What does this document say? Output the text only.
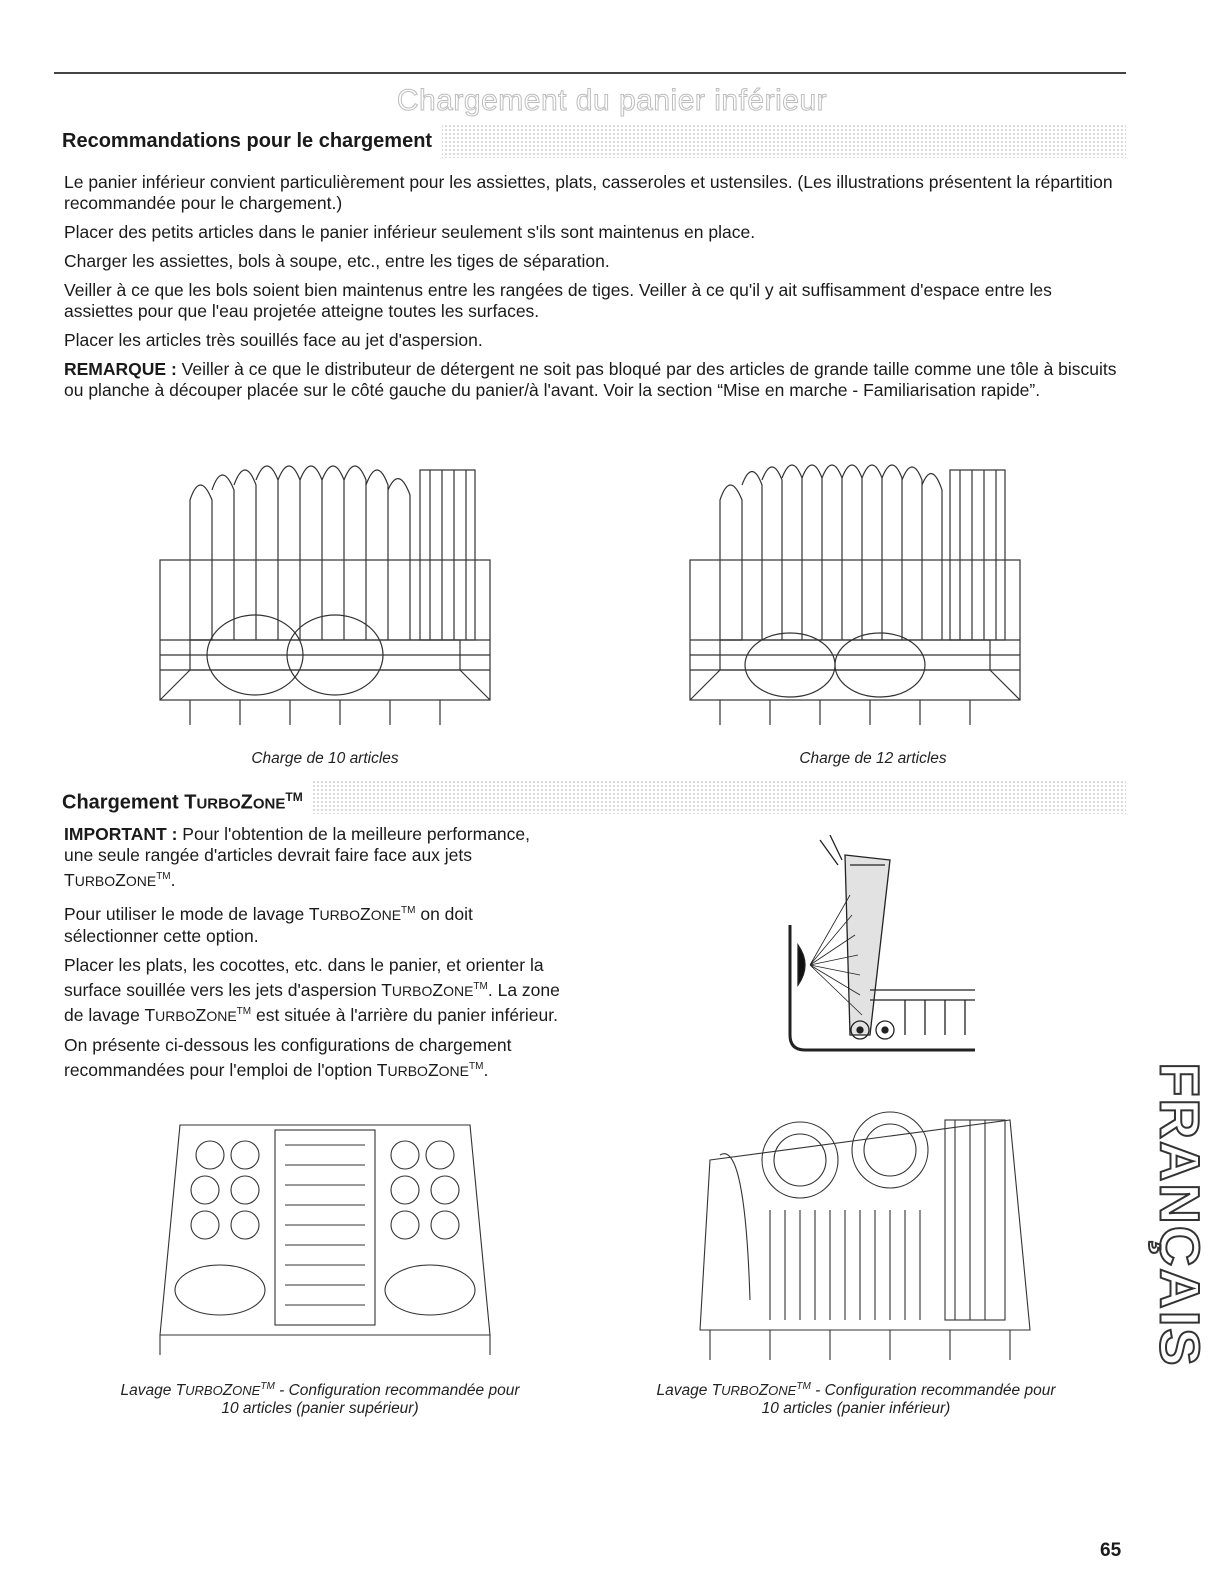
Chargement du panier inférieur
Recommandations pour le chargement

Le panier inférieur convient particulièrement pour les assiettes, plats, casseroles et ustensiles. (Les illustrations présentent la répartition recommandée pour le chargement.)

Placer des petits articles dans le panier inférieur seulement s'ils sont maintenus en place.

Charger les assiettes, bols à soupe, etc., entre les tiges de séparation.

Veiller à ce que les bols soient bien maintenus entre les rangées de tiges. Veiller à ce qu'il y ait suffisamment d'espace entre les assiettes pour que l'eau projetée atteigne toutes les surfaces.

Placer les articles très souillés face au jet d'aspersion.

REMARQUE : Veiller à ce que le distributeur de détergent ne soit pas bloqué par des articles de grande taille comme une tôle à biscuits ou planche à découper placée sur le côté gauche du panier/à l'avant. Voir la section “Mise en marche - Familiarisation rapide”.

Charge de 10 articles	Charge de 12 articles
Chargement TURBOZONE™

IMPORTANT : Pour l'obtention de la meilleure performance, une seule rangée d'articles devrait faire face aux jets TURBOZONE™.

Pour utiliser le mode de lavage TURBOZONE™ on doit sélectionner cette option.

Placer les plats, les cocottes, etc. dans le panier, et orienter la surface souillée vers les jets d'aspersion TURBOZONE™. La zone de lavage TURBOZONE™ est située à l'arrière du panier inférieur.

On présente ci-dessous les configurations de chargement recommandées pour l'emploi de l'option TURBOZONE™.

Lavage TURBOZONE™ - Configuration recommandée pour
10 articles (panier supérieur)
Lavage TURBOZONE™ - Configuration recommandée pour
10 articles (panier inférieur)
FRANÇAIS
65
